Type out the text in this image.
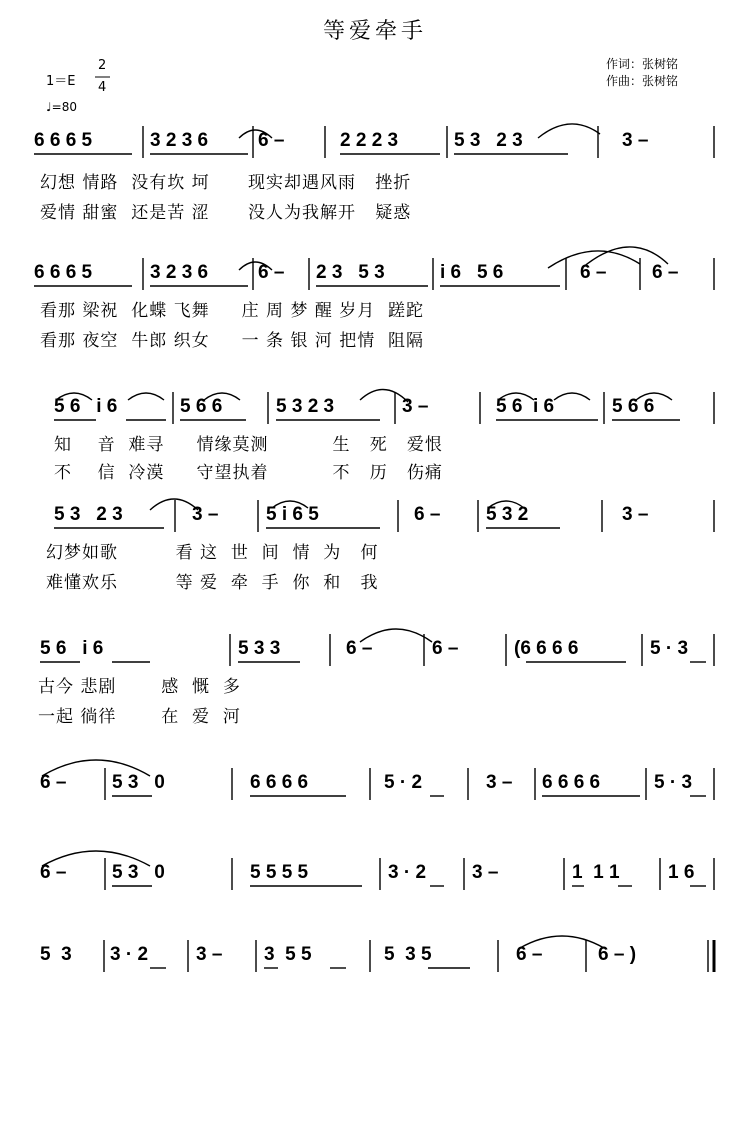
等爱牵手
1＝E
2
4
♩=80
作词：张树铭
作曲：张树铭

6 6 6 5

	3 2 3 6

	6 –

	2 2 2 3

	5 3   2 3

	3 –

幻想 情路  没有坎 坷      现实却遇风雨   挫折
爱情 甜蜜  还是苦 涩      没人为我解开   疑惑

6 6 6 5

	3 2 3 6

	6 –

2 3   5 3

	i 6   5 6

	6 –

6 –

看那 梁祝  化蝶 飞舞     庄 周 梦 醒 岁月  蹉跎
看那 夜空  牛郎 织女     一 条 银 河 把情  阻隔

5 6   i 6

	5 6 6

	5 3 2 3

	3 –

	5 6  i 6

	5 6 6

知    音  难寻     情缘莫测          生   死   爱恨
不    信  冷漠     守望执着          不   历   伤痛

5 3   2 3

	3 –

	5 i 6 5

	6 –

5 3 2

	3 –

幻梦如歌         看 这  世  间  情  为   何
难懂欢乐         等 爱  牵  手  你  和   我

5 6   i 6

	5 3 3

	6 –

	6 –

	(6 6 6 6

	5 · 3

古今 悲剧       感  慨  多
一起 徜徉       在  爱  河

6 –

5 3   0

	6 6 6 6

	5 · 2

	3 –

6 6 6 6

	5 · 3

6 –

5 3   0

	5 5 5 5

	3 · 2

3 –

	1  1 1

	1 6

5  3

3 · 2

	3 –

3  5 5

	5  3 5

	6 –

	6 – )
